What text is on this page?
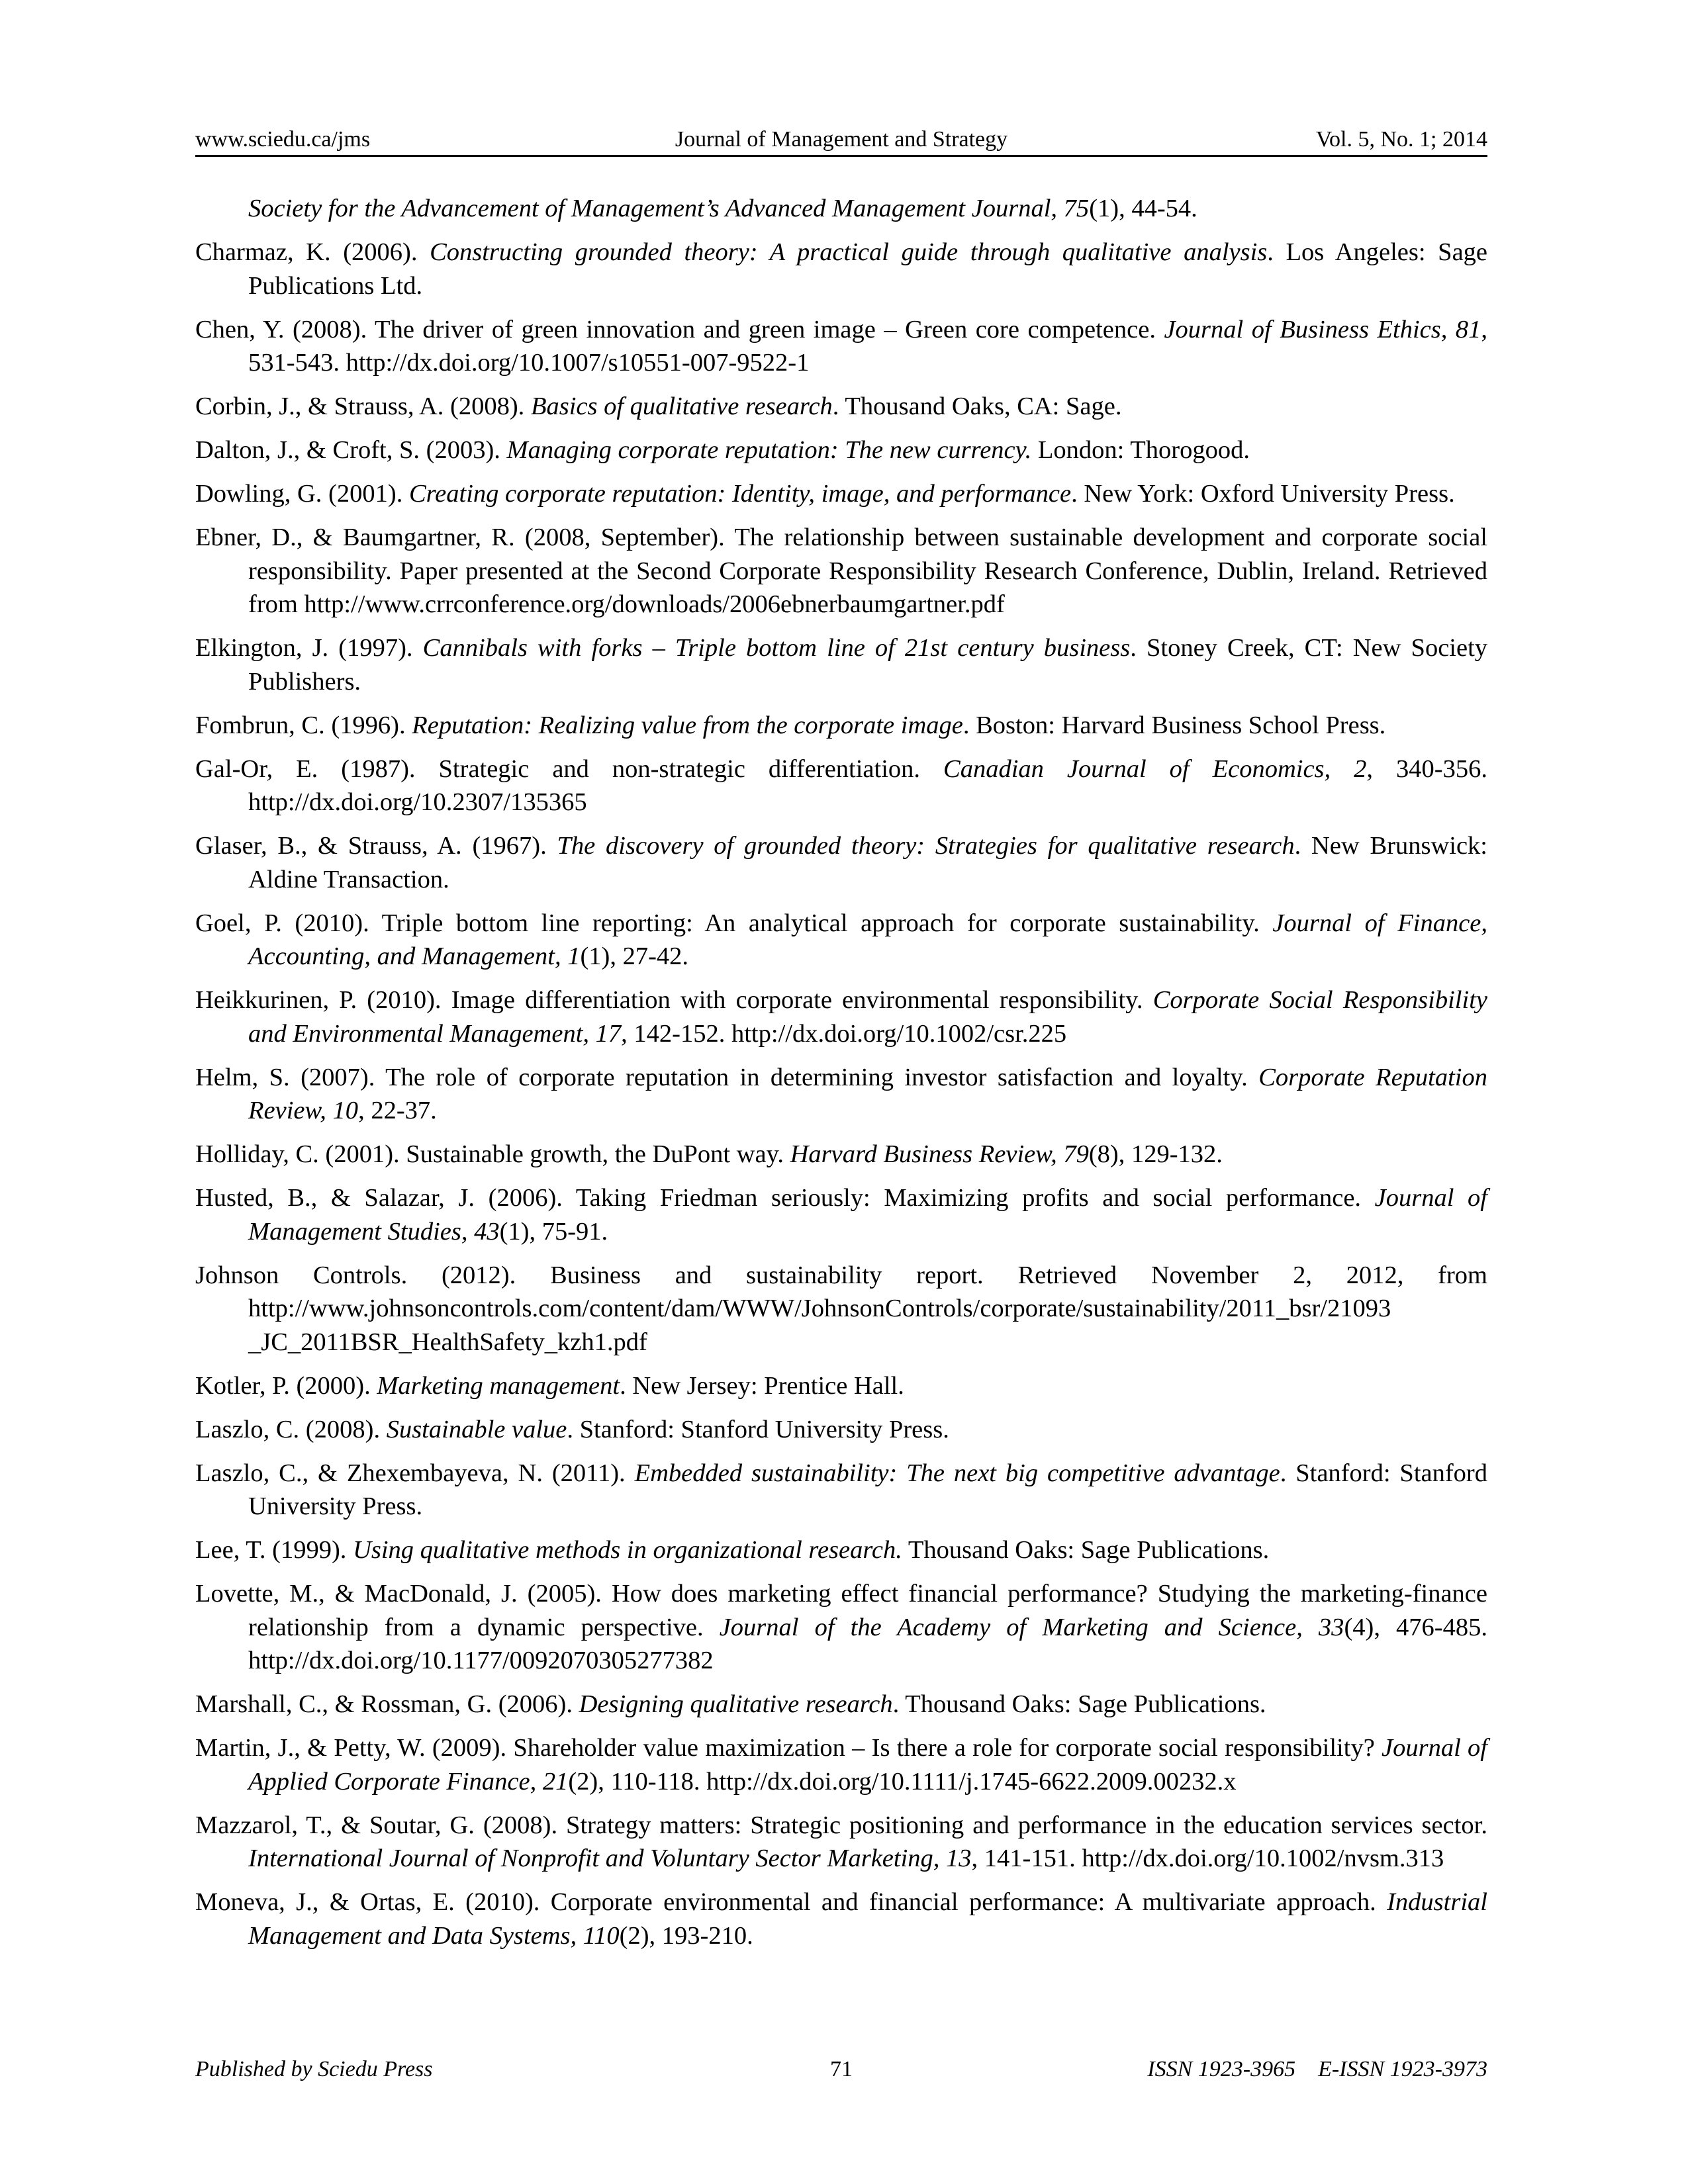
www.sciedu.ca/jms	Journal of Management and Strategy	Vol. 5, No. 1; 2014

Society for the Advancement of Management’s Advanced Management Journal, 75(1), 44-54.

Charmaz, K. (2006). Constructing grounded theory: A practical guide through qualitative analysis. Los Angeles: Sage Publications Ltd.

Chen, Y. (2008). The driver of green innovation and green image – Green core competence. Journal of Business Ethics, 81, 531-543. http://dx.doi.org/10.1007/s10551-007-9522-1

Corbin, J., & Strauss, A. (2008). Basics of qualitative research. Thousand Oaks, CA: Sage.

Dalton, J., & Croft, S. (2003). Managing corporate reputation: The new currency. London: Thorogood.

Dowling, G. (2001). Creating corporate reputation: Identity, image, and performance. New York: Oxford University Press.

Ebner, D., & Baumgartner, R. (2008, September). The relationship between sustainable development and corporate social responsibility. Paper presented at the Second Corporate Responsibility Research Conference, Dublin, Ireland. Retrieved from http://www.crrconference.org/downloads/2006ebnerbaumgartner.pdf

Elkington, J. (1997). Cannibals with forks – Triple bottom line of 21st century business. Stoney Creek, CT: New Society Publishers.

Fombrun, C. (1996). Reputation: Realizing value from the corporate image. Boston: Harvard Business School Press.

Gal-Or, E. (1987). Strategic and non-strategic differentiation. Canadian Journal of Economics, 2, 340-356. http://dx.doi.org/10.2307/135365

Glaser, B., & Strauss, A. (1967). The discovery of grounded theory: Strategies for qualitative research. New Brunswick: Aldine Transaction.

Goel, P. (2010). Triple bottom line reporting: An analytical approach for corporate sustainability. Journal of Finance, Accounting, and Management, 1(1), 27-42.

Heikkurinen, P. (2010). Image differentiation with corporate environmental responsibility. Corporate Social Responsibility and Environmental Management, 17, 142-152. http://dx.doi.org/10.1002/csr.225

Helm, S. (2007). The role of corporate reputation in determining investor satisfaction and loyalty. Corporate Reputation Review, 10, 22-37.

Holliday, C. (2001). Sustainable growth, the DuPont way. Harvard Business Review, 79(8), 129-132.

Husted, B., & Salazar, J. (2006). Taking Friedman seriously: Maximizing profits and social performance. Journal of Management Studies, 43(1), 75-91.

Johnson Controls. (2012). Business and sustainability report. Retrieved November 2, 2012, from http://www.johnsoncontrols.com/content/dam/WWW/JohnsonControls/corporate/sustainability/2011_bsr/21093 _JC_2011BSR_HealthSafety_kzh1.pdf

Kotler, P. (2000). Marketing management. New Jersey: Prentice Hall.

Laszlo, C. (2008). Sustainable value. Stanford: Stanford University Press.

Laszlo, C., & Zhexembayeva, N. (2011). Embedded sustainability: The next big competitive advantage. Stanford: Stanford University Press.

Lee, T. (1999). Using qualitative methods in organizational research. Thousand Oaks: Sage Publications.

Lovette, M., & MacDonald, J. (2005). How does marketing effect financial performance? Studying the marketing-finance relationship from a dynamic perspective. Journal of the Academy of Marketing and Science, 33(4), 476-485. http://dx.doi.org/10.1177/0092070305277382

Marshall, C., & Rossman, G. (2006). Designing qualitative research. Thousand Oaks: Sage Publications.

Martin, J., & Petty, W. (2009). Shareholder value maximization – Is there a role for corporate social responsibility? Journal of Applied Corporate Finance, 21(2), 110-118. http://dx.doi.org/10.1111/j.1745-6622.2009.00232.x

Mazzarol, T., & Soutar, G. (2008). Strategy matters: Strategic positioning and performance in the education services sector. International Journal of Nonprofit and Voluntary Sector Marketing, 13, 141-151. http://dx.doi.org/10.1002/nvsm.313

Moneva, J., & Ortas, E. (2010). Corporate environmental and financial performance: A multivariate approach. Industrial Management and Data Systems, 110(2), 193-210.

Published by Sciedu Press	71	ISSN 1923-3965    E-ISSN 1923-3973
